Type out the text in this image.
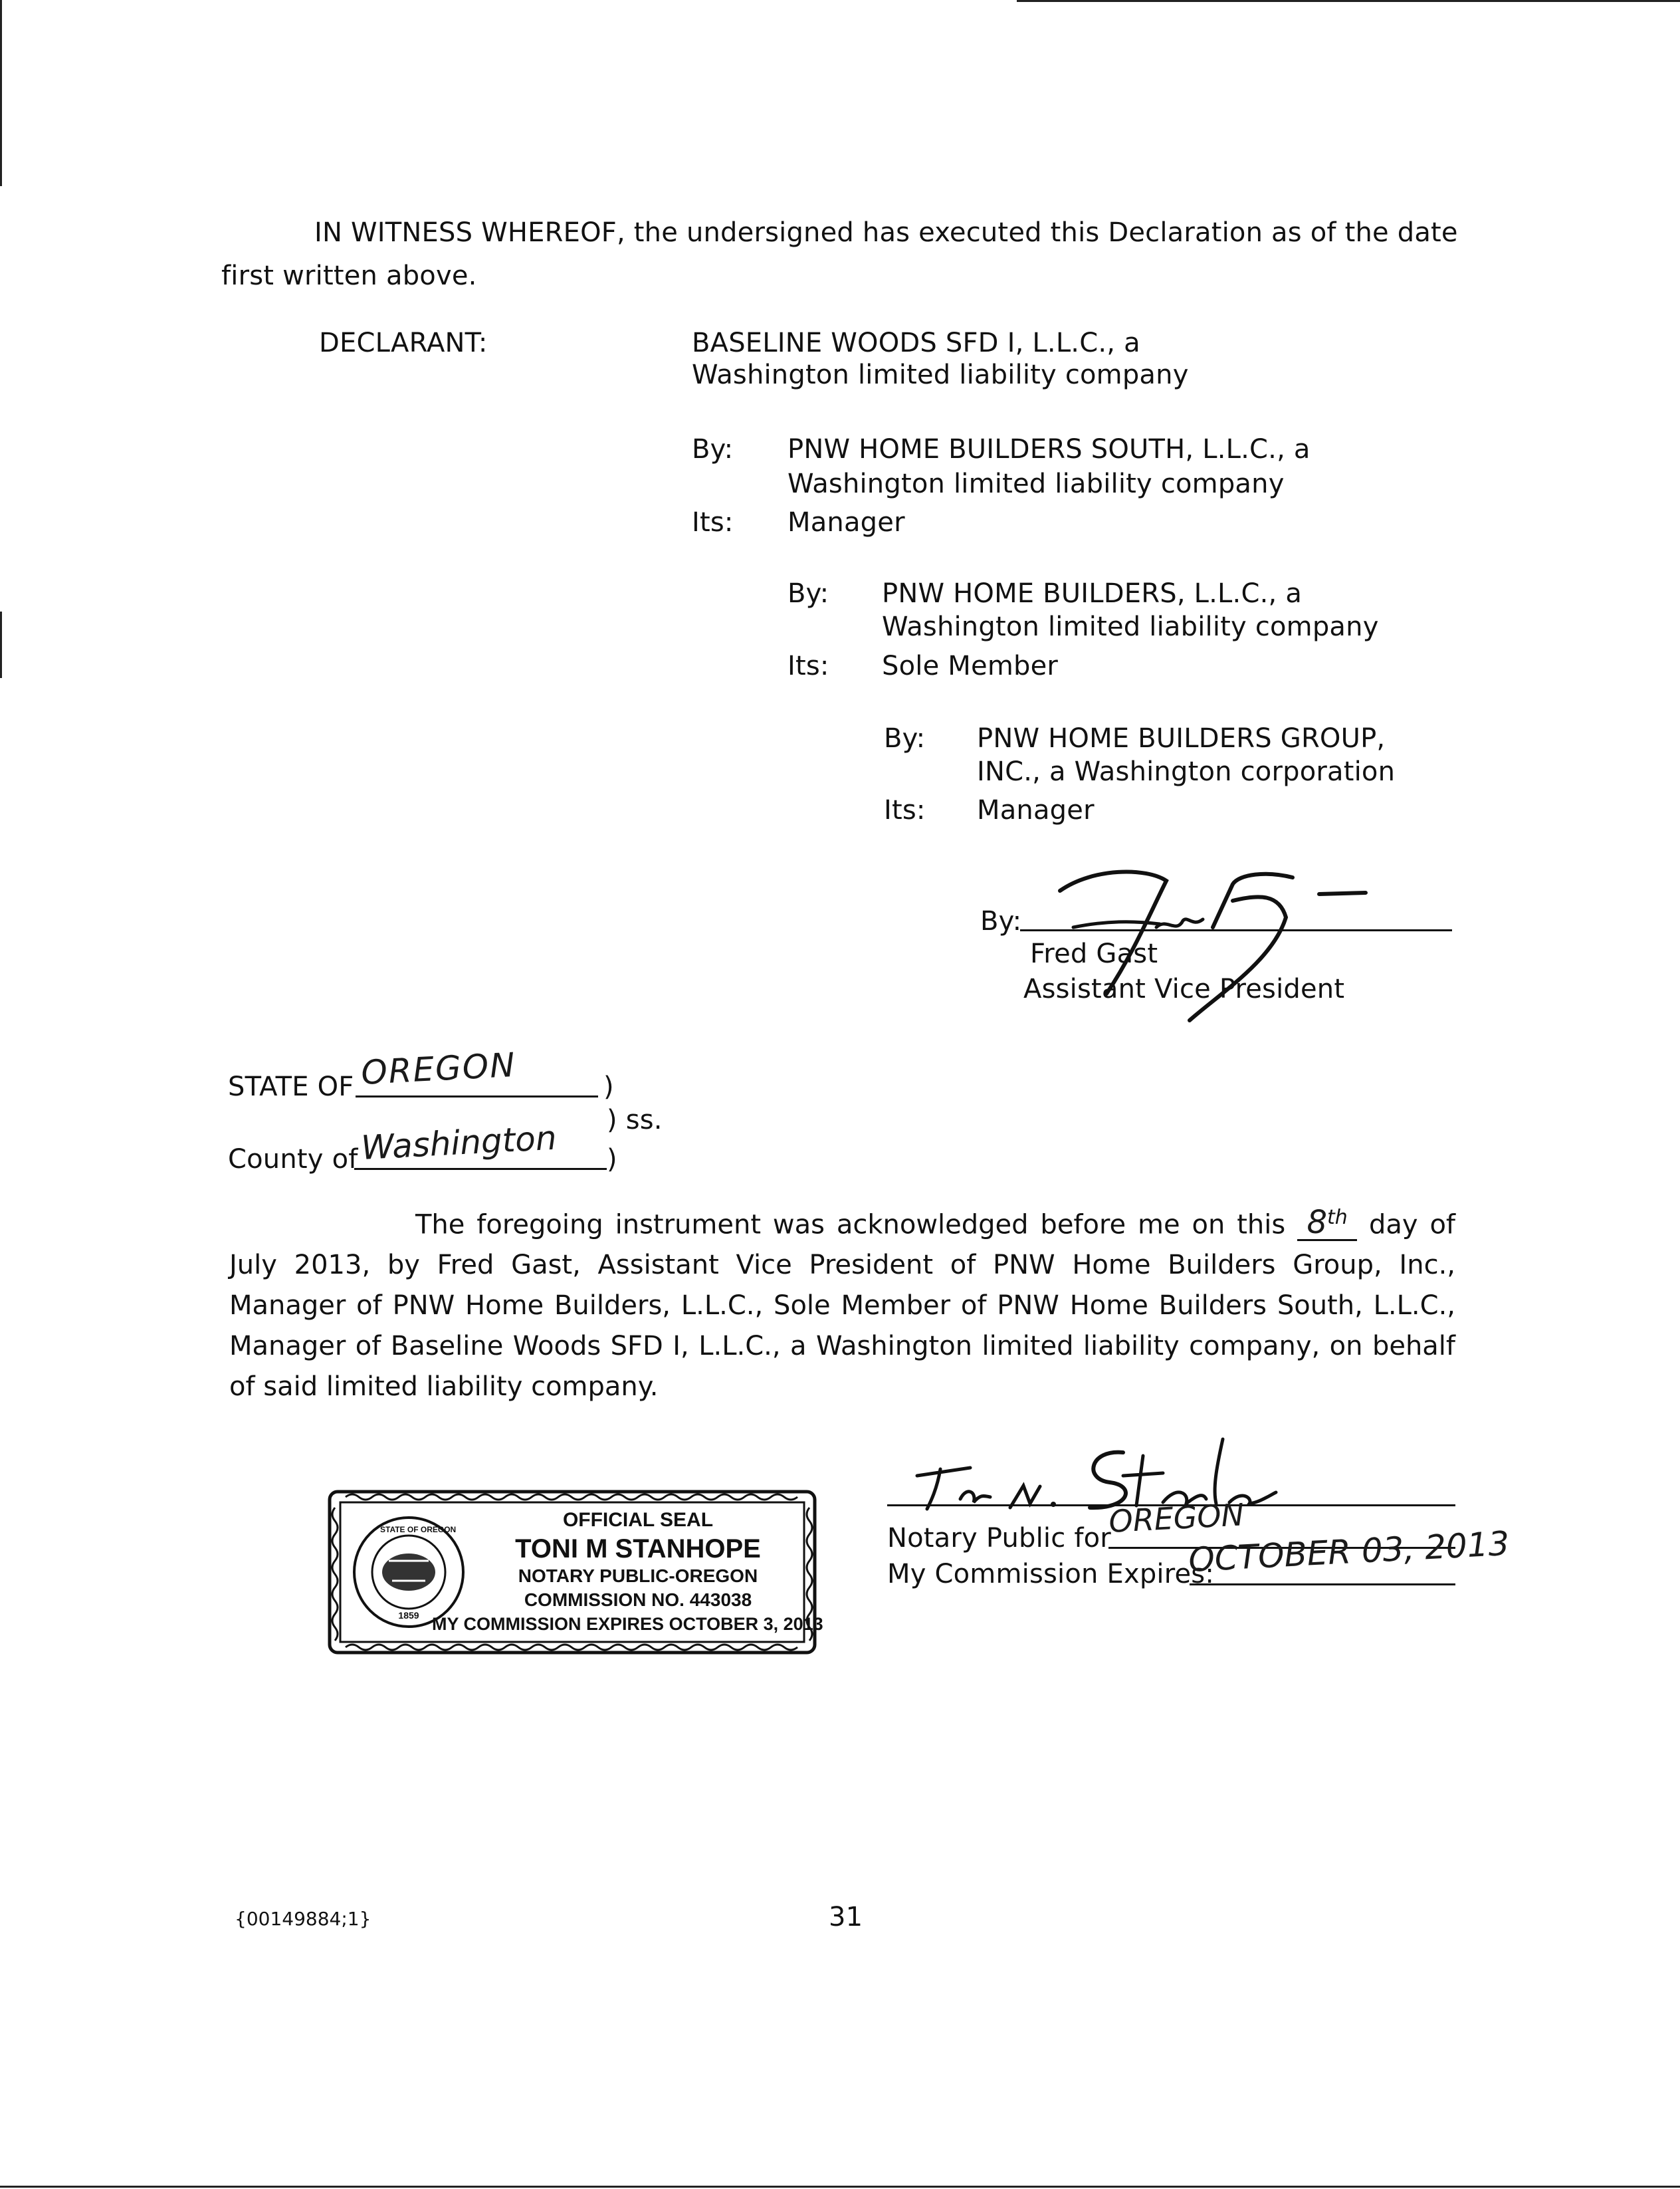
IN WITNESS WHEREOF, the undersigned has executed this Declaration as of the date
first written above.
DECLARANT:	BASELINE WOODS SFD I, L.L.C., a
Washington limited liability company
By: PNW HOME BUILDERS SOUTH, L.L.C., a
Washington limited liability company
Its: Manager
By: PNW HOME BUILDERS, L.L.C., a
Washington limited liability company
Its: Sole Member
By: PNW HOME BUILDERS GROUP,
INC., a Washington corporation
Its: Manager
By:
Fred Gast
Assistant Vice President
STATE OF OREGON	)
) ss.
County of Washington )
The foregoing instrument was acknowledged before me on this 8th day of July 2013, by Fred Gast, Assistant Vice President of PNW Home Builders Group, Inc., Manager of PNW Home Builders, L.L.C., Sole Member of PNW Home Builders South, L.L.C., Manager of Baseline Woods SFD I, L.L.C., a Washington limited liability company, on behalf of said limited liability company.
STATE OF OREGON
1859
OFFICIAL SEAL
TONI M STANHOPE
NOTARY PUBLIC-OREGON
COMMISSION NO. 443038
MY COMMISSION EXPIRES OCTOBER 3, 2013
Notary Public for
OREGON
My Commission Expires:
OCTOBER 03, 2013
{00149884;1}	31
